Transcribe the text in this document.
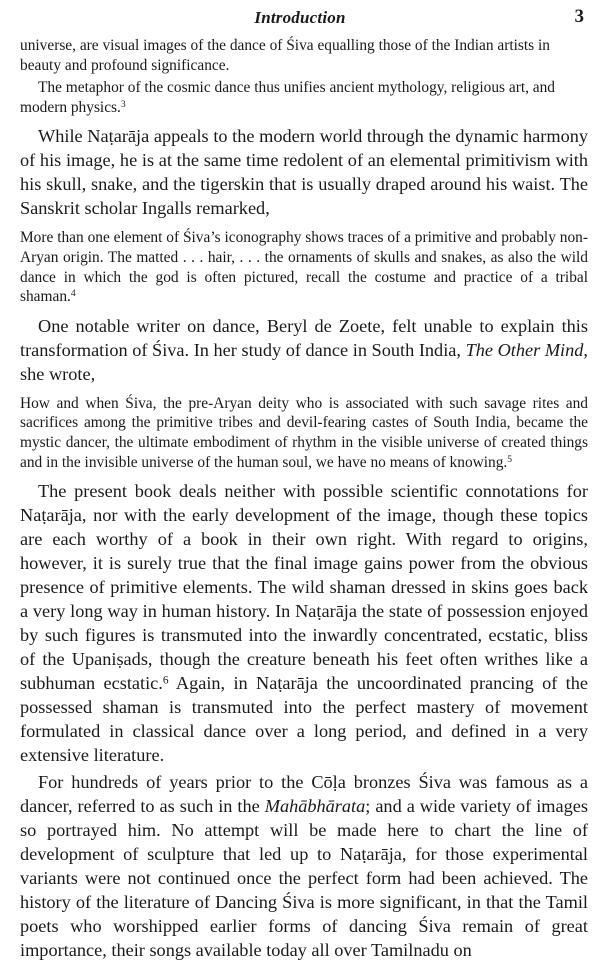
Introduction	3

universe, are visual images of the dance of Śiva equalling those of the Indian artists in beauty and profound significance.

The metaphor of the cosmic dance thus unifies ancient mythology, religious art, and modern physics.$^3$

While Naṭarāja appeals to the modern world through the dynamic harmony of his image, he is at the same time redolent of an elemental primitivism with his skull, snake, and the tigerskin that is usually draped around his waist. The Sanskrit scholar Ingalls remarked,

More than one element of Śiva’s iconography shows traces of a primitive and probably non-Aryan origin. The matted . . . hair, . . . the ornaments of skulls and snakes, as also the wild dance in which the god is often pictured, recall the costume and practice of a tribal shaman.$^4$

One notable writer on dance, Beryl de Zoete, felt unable to explain this transformation of Śiva. In her study of dance in South India, The Other Mind, she wrote,

How and when Śiva, the pre-Aryan deity who is associated with such savage rites and sacrifices among the primitive tribes and devil-fearing castes of South India, became the mystic dancer, the ultimate embodiment of rhythm in the visible universe of created things and in the invisible universe of the human soul, we have no means of knowing.$^5$

The present book deals neither with possible scientific connotations for Naṭarāja, nor with the early development of the image, though these topics are each worthy of a book in their own right. With regard to origins, however, it is surely true that the final image gains power from the obvious presence of primitive elements. The wild shaman dressed in skins goes back a very long way in human history. In Naṭarāja the state of possession enjoyed by such figures is transmuted into the inwardly concentrated, ecstatic, bliss of the Upaniṣads, though the creature beneath his feet often writhes like a subhuman ecstatic.$^6$ Again, in Naṭarāja the uncoordinated prancing of the possessed shaman is transmuted into the perfect mastery of movement formulated in classical dance over a long period, and defined in a very extensive literature.

For hundreds of years prior to the Cōḷa bronzes Śiva was famous as a dancer, referred to as such in the Mahābhārata; and a wide variety of images so portrayed him. No attempt will be made here to chart the line of development of sculpture that led up to Naṭarāja, for those experimental variants were not continued once the perfect form had been achieved. The history of the literature of Dancing Śiva is more significant, in that the Tamil poets who worshipped earlier forms of dancing Śiva remain of great importance, their songs available today all over Tamilnadu on
